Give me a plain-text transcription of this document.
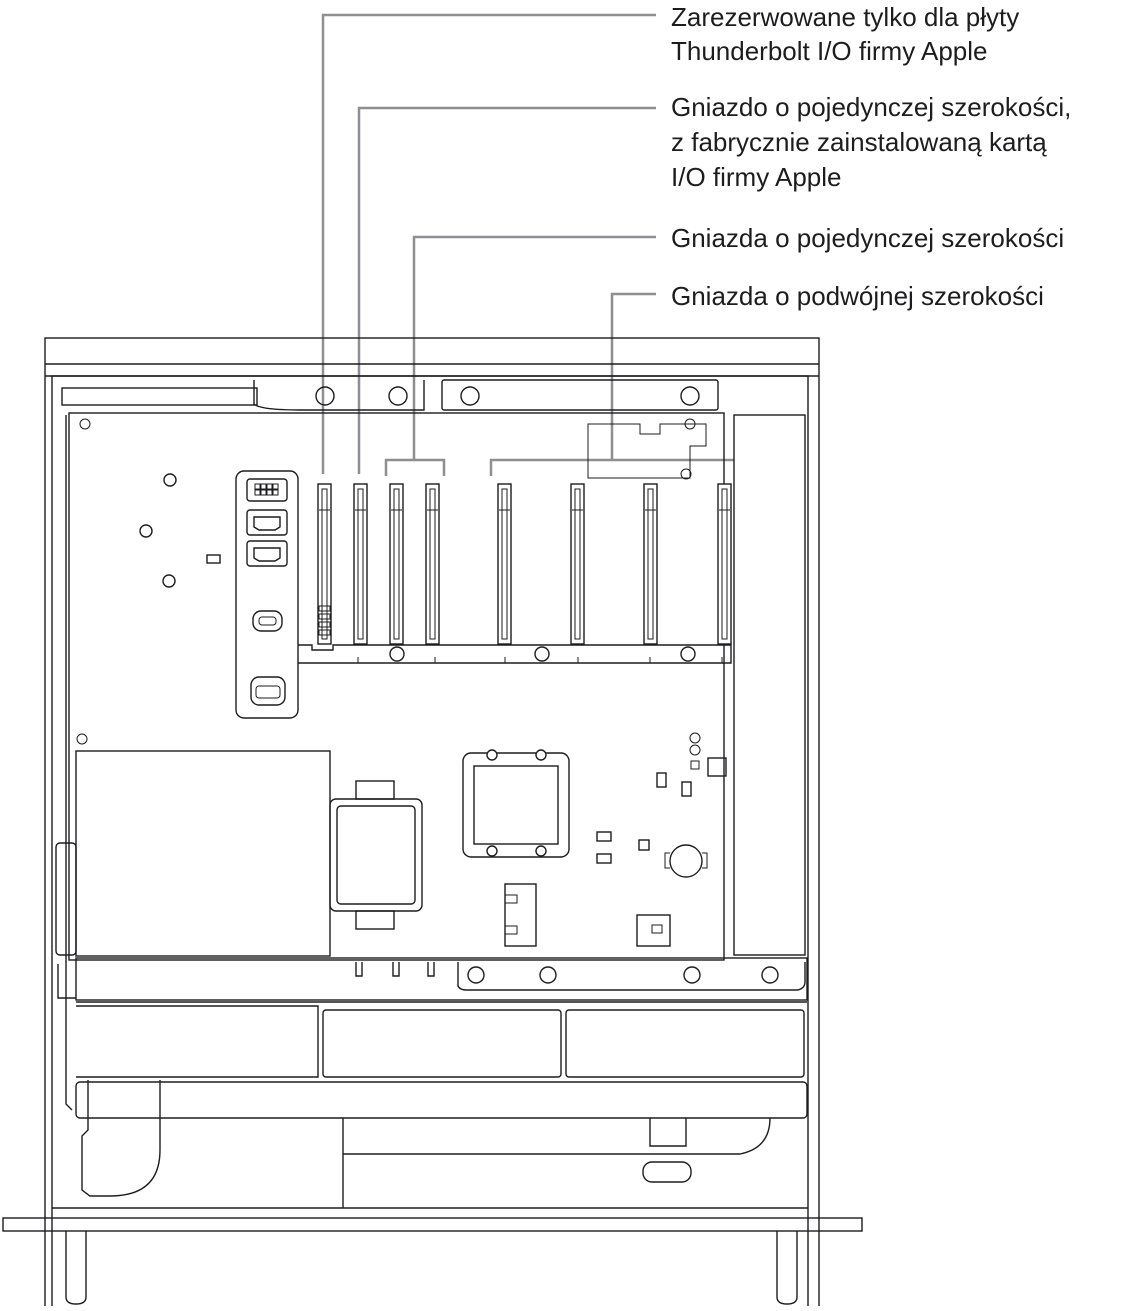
Zarezerwowane tylko dla płyty
Thunderbolt I/O firmy Apple
Gniazdo o pojedynczej szerokości,
z fabrycznie zainstalowaną kartą
I/O firmy Apple
Gniazda o pojedynczej szerokości
Gniazda o podwójnej szerokości
